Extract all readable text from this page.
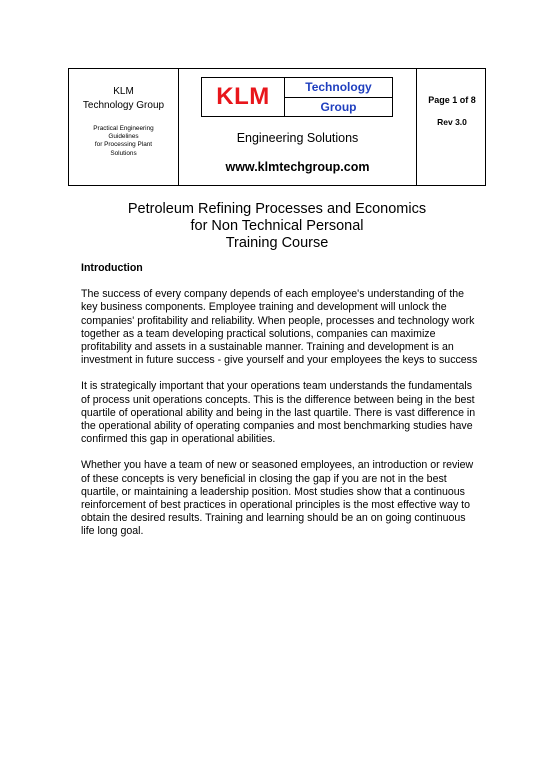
KLM
Technology Group
Practical Engineering
Guidelines
for Processing Plant
Solutions
KLM	Technology
Group
Engineering Solutions
www.klmtechgroup.com
Page 1 of 8
Rev 3.0
Petroleum Refining Processes and Economics
for Non Technical Personal
Training Course
Introduction

The success of every company depends of each employee's understanding of the key business components. Employee training and development will unlock the companies' profitability and reliability. When people, processes and technology work together as a team developing practical solutions, companies can maximize profitability and assets in a sustainable manner. Training and development is an investment in future success - give yourself and your employees the keys to success

It is strategically important that your operations team understands the fundamentals of process unit operations concepts. This is the difference between being in the best quartile of operational ability and being in the last quartile. There is vast difference in the operational ability of operating companies and most benchmarking studies have confirmed this gap in operational abilities.

Whether you have a team of new or seasoned employees, an introduction or review of these concepts is very beneficial in closing the gap if you are not in the best quartile, or maintaining a leadership position. Most studies show that a continuous reinforcement of best practices in operational principles is the most effective way to obtain the desired results. Training and learning should be an on going continuous life long goal.
